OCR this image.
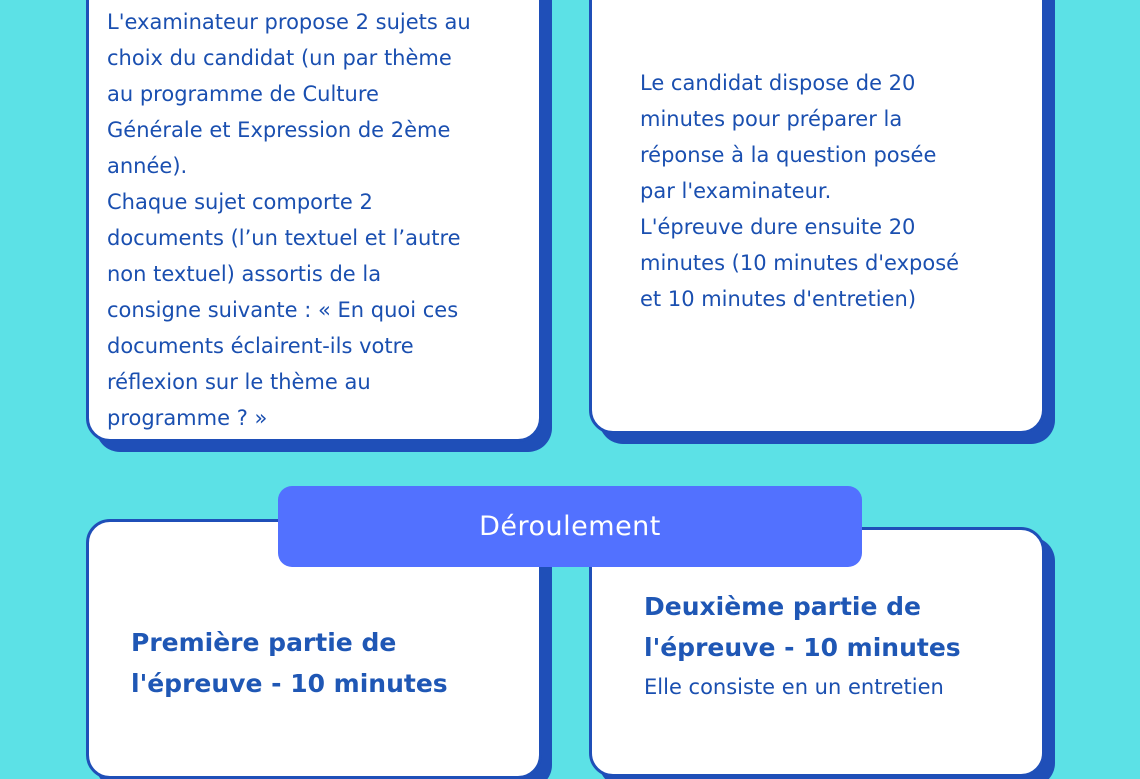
L'examinateur propose 2 sujets au
choix du candidat (un par thème
au programme de Culture
Générale et Expression de 2ème
année).
Chaque sujet comporte 2
documents (l’un textuel et l’autre
non textuel) assortis de la
consigne suivante : « En quoi ces
documents éclairent-ils votre
réflexion sur le thème au
programme ? »

Le candidat dispose de 20
minutes pour préparer la
réponse à la question posée
par l'examinateur.
L'épreuve dure ensuite 20
minutes (10 minutes d'exposé
et 10 minutes d'entretien)

Première partie de
l'épreuve - 10 minutes

Deuxième partie de
l'épreuve - 10 minutes

Elle consiste en un entretien

Déroulement
